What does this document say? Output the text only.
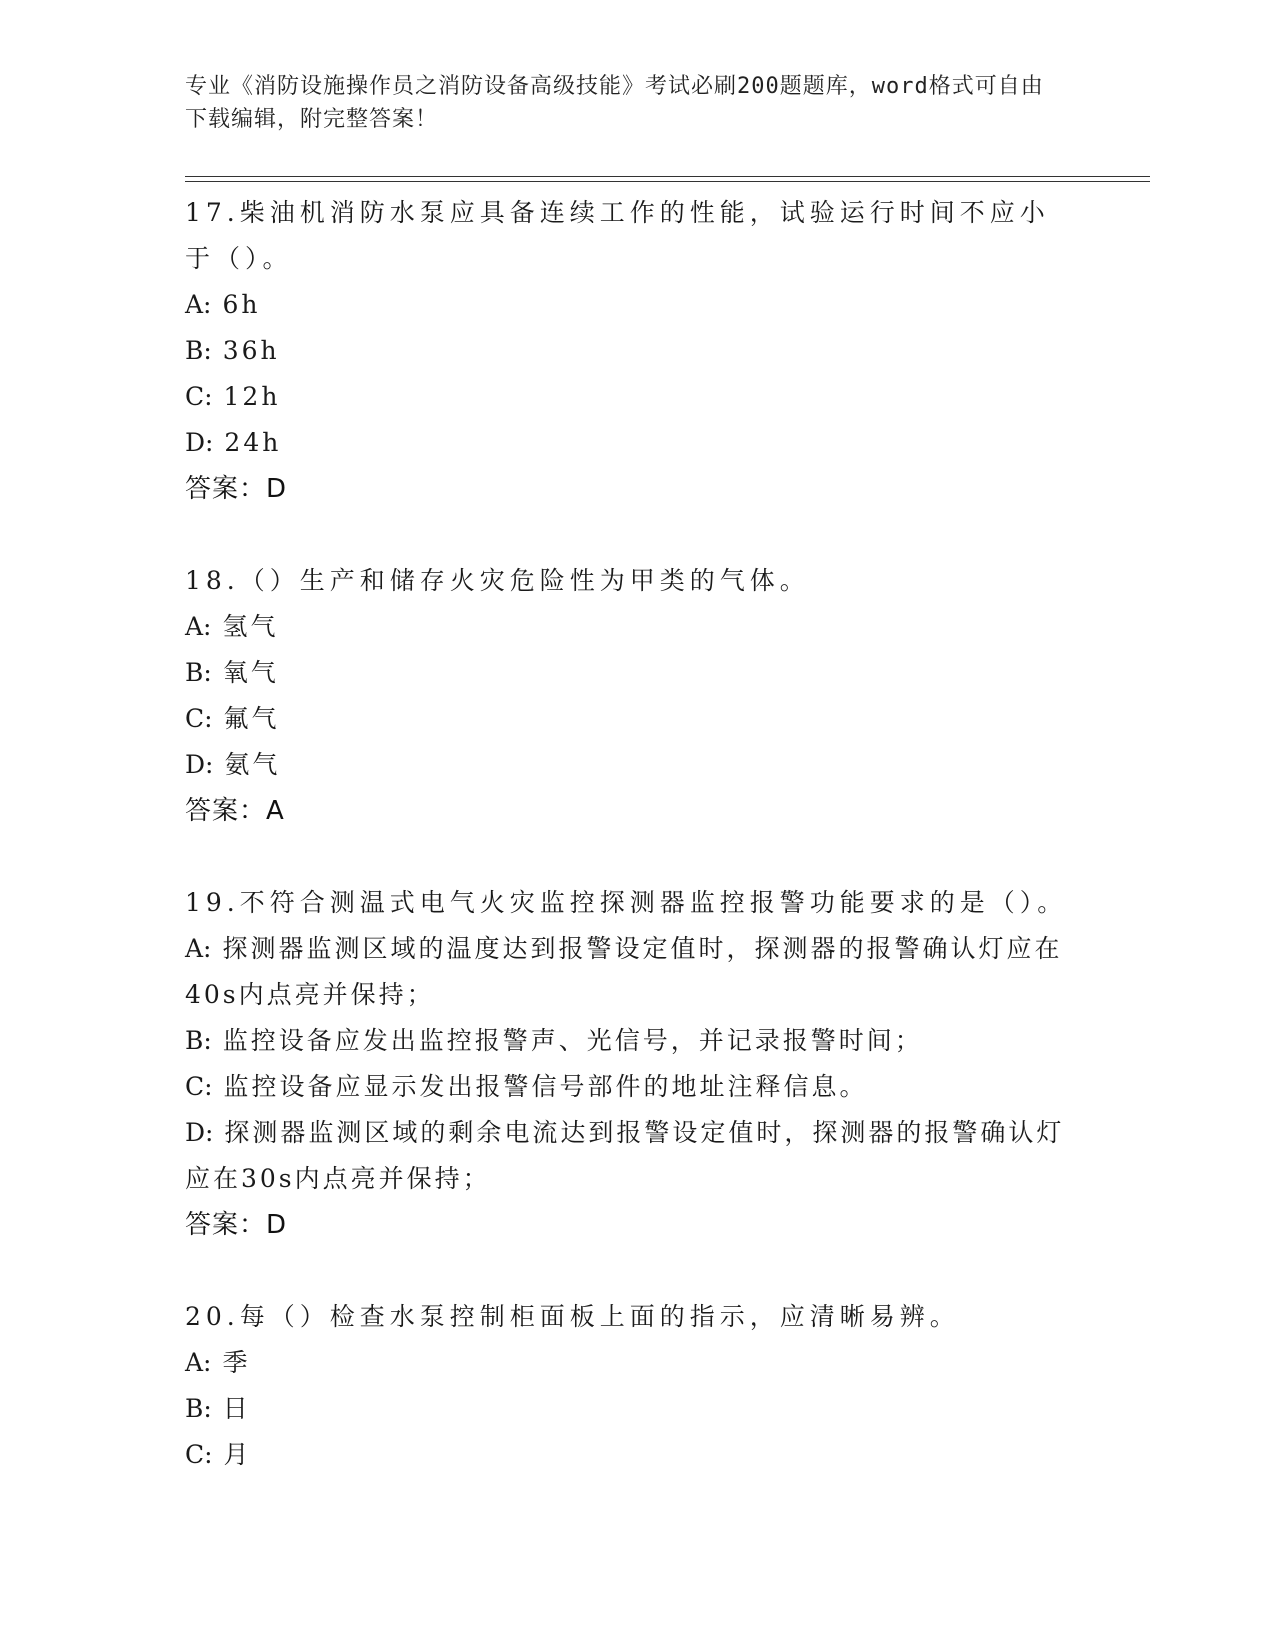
专业《消防设施操作员之消防设备高级技能》考试必刷200题题库，word格式可自由下载编辑，附完整答案！
17.柴油机消防水泵应具备连续工作的性能，试验运行时间不应小于（）。
A: 6h
B: 36h
C: 12h
D: 24h
答案：D
18.（）生产和储存火灾危险性为甲类的气体。
A: 氢气
B: 氧气
C: 氟气
D: 氨气
答案：A
19.不符合测温式电气火灾监控探测器监控报警功能要求的是（）。
A: 探测器监测区域的温度达到报警设定值时，探测器的报警确认灯应在40s内点亮并保持；
B: 监控设备应发出监控报警声、光信号，并记录报警时间；
C: 监控设备应显示发出报警信号部件的地址注释信息。
D: 探测器监测区域的剩余电流达到报警设定值时，探测器的报警确认灯应在30s内点亮并保持；
答案：D
20.每（）检查水泵控制柜面板上面的指示，应清晰易辨。
A: 季
B: 日
C: 月
